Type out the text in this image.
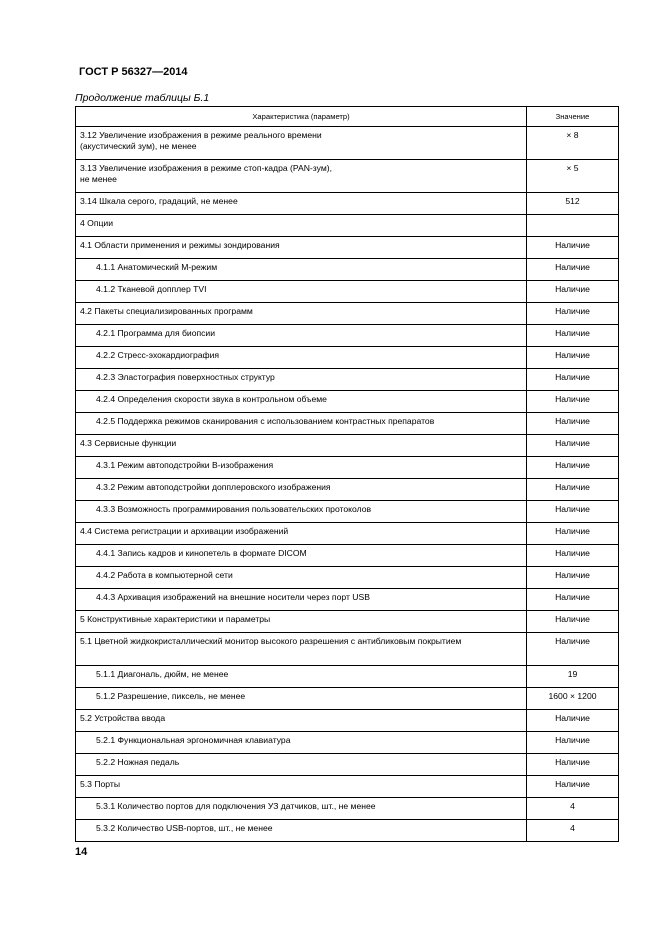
ГОСТ Р 56327—2014
Продолжение таблицы Б.1
Характеристика (параметр)	Значение
3.12 Увеличение изображения в режиме реального времени
(акустический зум), не менее	× 8
3.13 Увеличение изображения в режиме стоп-кадра (PAN-зум),
не менее	× 5
3.14 Шкала серого, градаций, не менее	512
4 Опции	
4.1 Области применения и режимы зондирования	Наличие
4.1.1 Анатомический М-режим	Наличие
4.1.2 Тканевой допплер TVI	Наличие
4.2 Пакеты специализированных программ	Наличие
4.2.1 Программа для биопсии	Наличие
4.2.2 Стресс-эхокардиография	Наличие
4.2.3 Эластография поверхностных структур	Наличие
4.2.4 Определения скорости звука в контрольном объеме	Наличие
4.2.5 Поддержка режимов сканирования с использованием контрастных препаратов	Наличие
4.3 Сервисные функции	Наличие
4.3.1 Режим автоподстройки В-изображения	Наличие
4.3.2 Режим автоподстройки допплеровского изображения	Наличие
4.3.3 Возможность программирования пользовательских протоколов	Наличие
4.4 Система регистрации и архивации изображений	Наличие
4.4.1 Запись кадров и кинопетель в формате DICOM	Наличие
4.4.2 Работа в компьютерной сети	Наличие
4.4.3 Архивация изображений на внешние носители через порт USB	Наличие
5 Конструктивные характеристики и параметры	Наличие
5.1 Цветной жидкокристаллический монитор высокого разрешения с антибликовым покрытием	Наличие
5.1.1 Диагональ, дюйм, не менее	19
5.1.2 Разрешение, пиксель, не менее	1600 × 1200
5.2 Устройства ввода	Наличие
5.2.1 Функциональная эргономичная клавиатура	Наличие
5.2.2 Ножная педаль	Наличие
5.3 Порты	Наличие
5.3.1 Количество портов для подключения УЗ датчиков, шт., не менее	4
5.3.2 Количество USB-портов, шт., не менее	4
14
